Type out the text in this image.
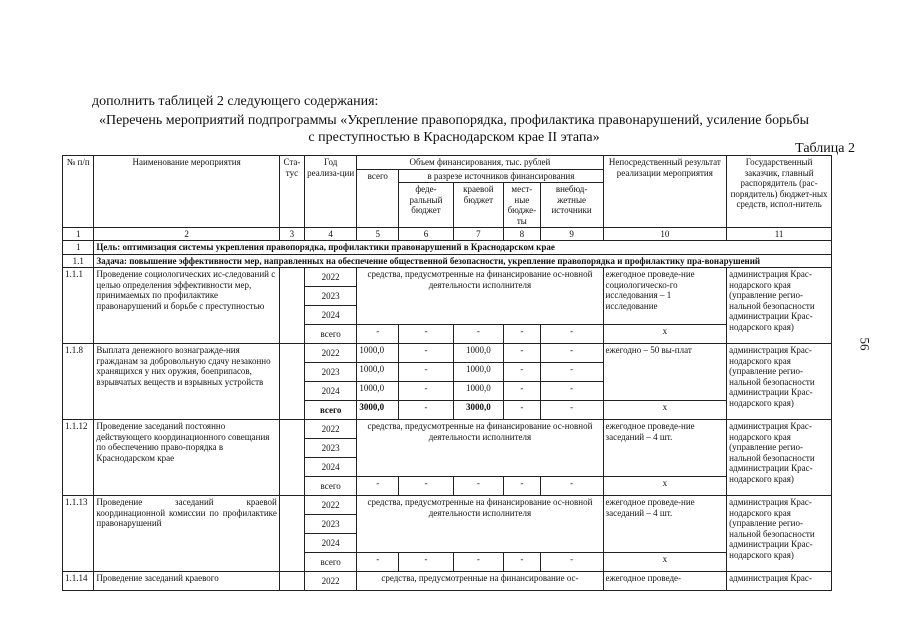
дополнить таблицей 2 следующего содержания:
«Перечень мероприятий подпрограммы «Укрепление правопорядка, профилактика правонарушений, усиление борьбы
с преступностью в Краснодарском крае II этапа»
Таблица 2
56
№ п/п	Наименование мероприятия	Ста-тус	Год реализа-ции	Объем финансирования, тыс. рублей					Непосредственный результат реализации мероприятия	Государственный заказчик, главный распорядитель (рас-порядитель) бюджет-ных средств, испол-нитель
				всего	в разрезе источников финансирования					
					феде-ральный бюджет	краевой бюджет	мест-ные бюдже-ты	внебюд-жетные источники		
1	2	3	4	5	6	7	8	9	10	11
1	Цель: оптимизация системы укрепления правопорядка, профилактики правонарушений в Краснодарском крае									
1.1	Задача: повышение эффективности мер, направленных на обеспечение общественной безопасности, укрепление правопорядка и профилактику пра-вонарушений									
1.1.1	Проведение социологических ис-следований с целью определения эффективности мер, принимаемых по профилактике правонарушений и борьбе с преступностью		2022	средства, предусмотренные на финансирование ос-новной деятельности исполнителя					ежегодное проведе-ние социологическо-го исследования – 1 исследование	администрация Крас-нодарского края (управление регио-нальной безопасности администрации Крас-нодарского края)
			2023							
			2024							
			всего	-	-	-	-	-	х	
1.1.8	Выплата денежного вознагражде-ния гражданам за добровольную сдачу незаконно хранящихся у них оружия, боеприпасов, взрывчатых веществ и взрывных устройств		2022	1000,0	-	1000,0	-	-	ежегодно – 50 вы-плат	администрация Крас-нодарского края (управление регио-нальной безопасности администрации Крас-нодарского края)
			2023	1000,0	-	1000,0	-	-		
			2024	1000,0	-	1000,0	-	-		
			всего	3000,0	-	3000,0	-	-	х	
1.1.12	Проведение заседаний постоянно действующего координационного совещания по обеспечению право-порядка в Краснодарском крае		2022	средства, предусмотренные на финансирование ос-новной деятельности исполнителя					ежегодное проведе-ние заседаний – 4 шт.	администрация Крас-нодарского края (управление регио-нальной безопасности администрации Крас-нодарского края)
			2023							
			2024							
			всего	-	-	-	-	-	х	
1.1.13	Проведение заседаний краевой координационной комиссии по профилактике правонарушений		2022	средства, предусмотренные на финансирование ос-новной деятельности исполнителя					ежегодное проведе-ние заседаний – 4 шт.	администрация Крас-нодарского края (управление регио-нальной безопасности администрации Крас-нодарского края)
			2023							
			2024							
			всего	-	-	-	-	-	х	
1.1.14	Проведение заседаний краевого		2022	средства, предусмотренные на финансирование ос-					ежегодное проведе-	администрация Крас-
